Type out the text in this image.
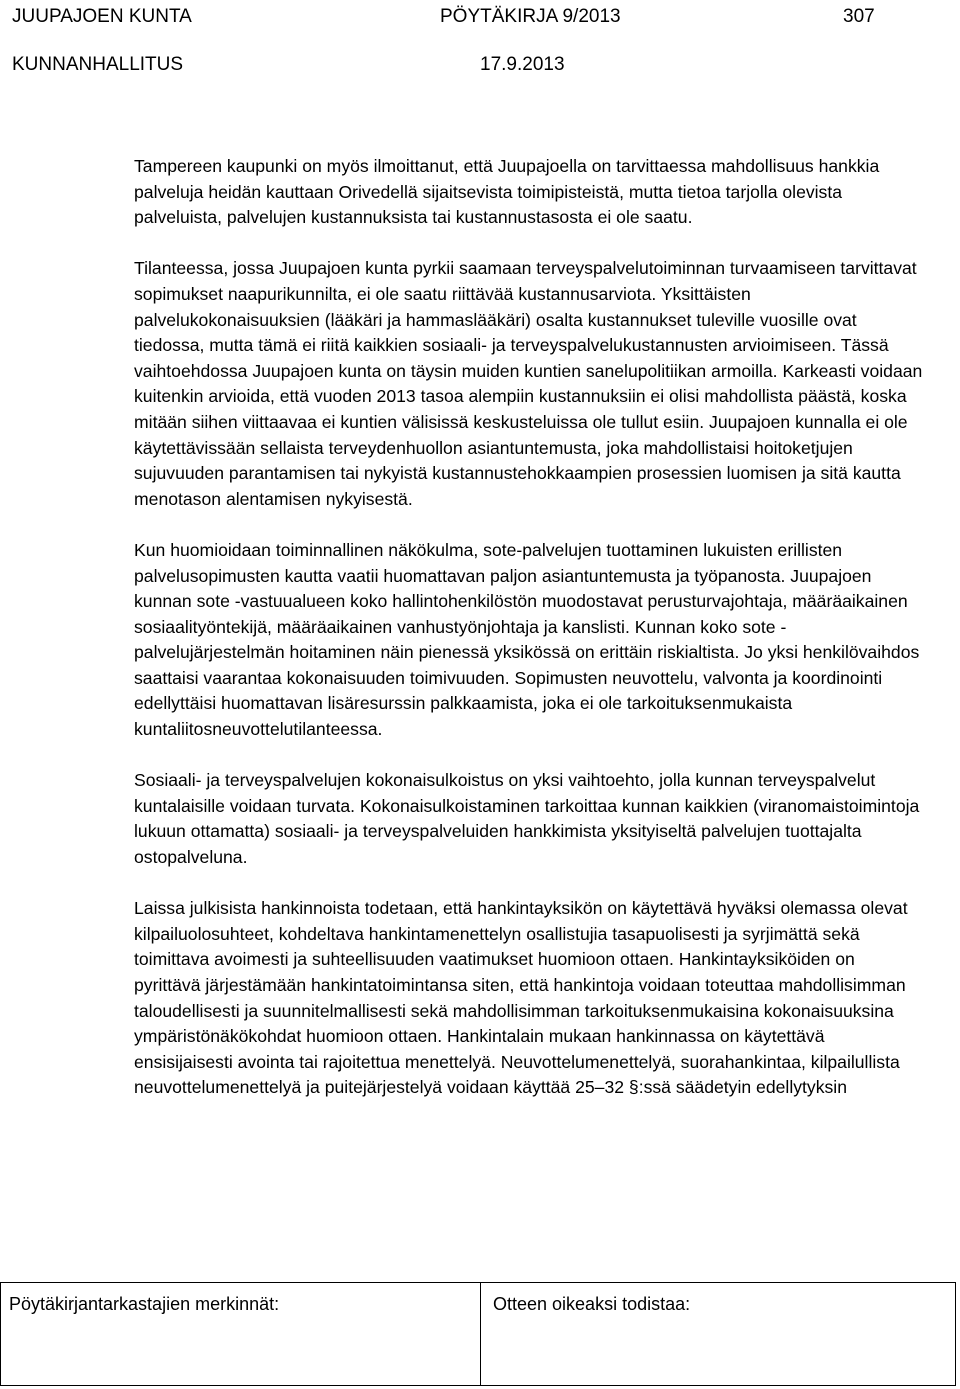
JUUPAJOEN KUNTA	PÖYTÄKIRJA 9/2013	307
KUNNANHALLITUS	17.9.2013

Tampereen kaupunki on myös ilmoittanut, että Juupajoella on tarvittaessa mahdollisuus hankkia palveluja heidän kauttaan Orivedellä sijaitsevista toimipisteistä, mutta tietoa tarjolla olevista palveluista, palvelujen kustannuksista tai kustannustasosta ei ole saatu.

Tilanteessa, jossa Juupajoen kunta pyrkii saamaan terveyspalvelutoiminnan turvaamiseen tarvittavat sopimukset naapurikunnilta, ei ole saatu riittävää kustannusarviota. Yksittäisten palvelukokonaisuuksien (lääkäri ja hammaslääkäri) osalta kustannukset tuleville vuosille ovat tiedossa, mutta tämä ei riitä kaikkien sosiaali- ja terveyspalvelukustannusten arvioimiseen. Tässä vaihtoehdossa Juupajoen kunta on täysin muiden kuntien sanelupolitiikan armoilla. Karkeasti voidaan kuitenkin arvioida, että vuoden 2013 tasoa alempiin kustannuksiin ei olisi mahdollista päästä, koska mitään siihen viittaavaa ei kuntien välisissä keskusteluissa ole tullut esiin. Juupajoen kunnalla ei ole käytettävissään sellaista terveydenhuollon asiantuntemusta, joka mahdollistaisi hoitoketjujen sujuvuuden parantamisen tai nykyistä kustannustehokkaampien prosessien luomisen ja sitä kautta menotason alentamisen nykyisestä.

Kun huomioidaan toiminnallinen näkökulma, sote-palvelujen tuottaminen lukuisten erillisten palvelusopimusten kautta vaatii huomattavan paljon asiantuntemusta ja työpanosta. Juupajoen kunnan sote -vastuualueen koko hallintohenkilöstön muodostavat perusturvajohtaja, määräaikainen sosiaalityöntekijä, määräaikainen vanhustyönjohtaja ja kanslisti. Kunnan koko sote -palvelujärjestelmän hoitaminen näin pienessä yksikössä on erittäin riskialtista. Jo yksi henkilövaihdos saattaisi vaarantaa kokonaisuuden toimivuuden. Sopimusten neuvottelu, valvonta ja koordinointi edellyttäisi huomattavan lisäresurssin palkkaamista, joka ei ole tarkoituksenmukaista kuntaliitosneuvottelutilanteessa.

Sosiaali- ja terveyspalvelujen kokonaisulkoistus on yksi vaihtoehto, jolla kunnan terveyspalvelut kuntalaisille voidaan turvata. Kokonaisulkoistaminen tarkoittaa kunnan kaikkien (viranomaistoimintoja lukuun ottamatta) sosiaali- ja terveyspalveluiden hankkimista yksityiseltä palvelujen tuottajalta ostopalveluna.

Laissa julkisista hankinnoista todetaan, että hankintayksikön on käytettävä hyväksi olemassa olevat kilpailuolosuhteet, kohdeltava hankintamenettelyn osallistujia tasapuolisesti ja syrjimättä sekä toimittava avoimesti ja suhteellisuuden vaatimukset huomioon ottaen. Hankintayksiköiden on pyrittävä järjestämään hankintatoimintansa siten, että hankintoja voidaan toteuttaa mahdollisimman taloudellisesti ja suunnitelmallisesti sekä mahdollisimman tarkoituksenmukaisina kokonaisuuksina ympäristönäkökohdat huomioon ottaen. Hankintalain mukaan hankinnassa on käytettävä ensisijaisesti avointa tai rajoitettua menettelyä. Neuvottelumenettelyä, suorahankintaa, kilpailullista neuvottelumenettelyä ja puitejärjestelyä voidaan käyttää 25–32 §:ssä säädetyin edellytyksin

Pöytäkirjantarkastajien merkinnät:	Otteen oikeaksi todistaa:
